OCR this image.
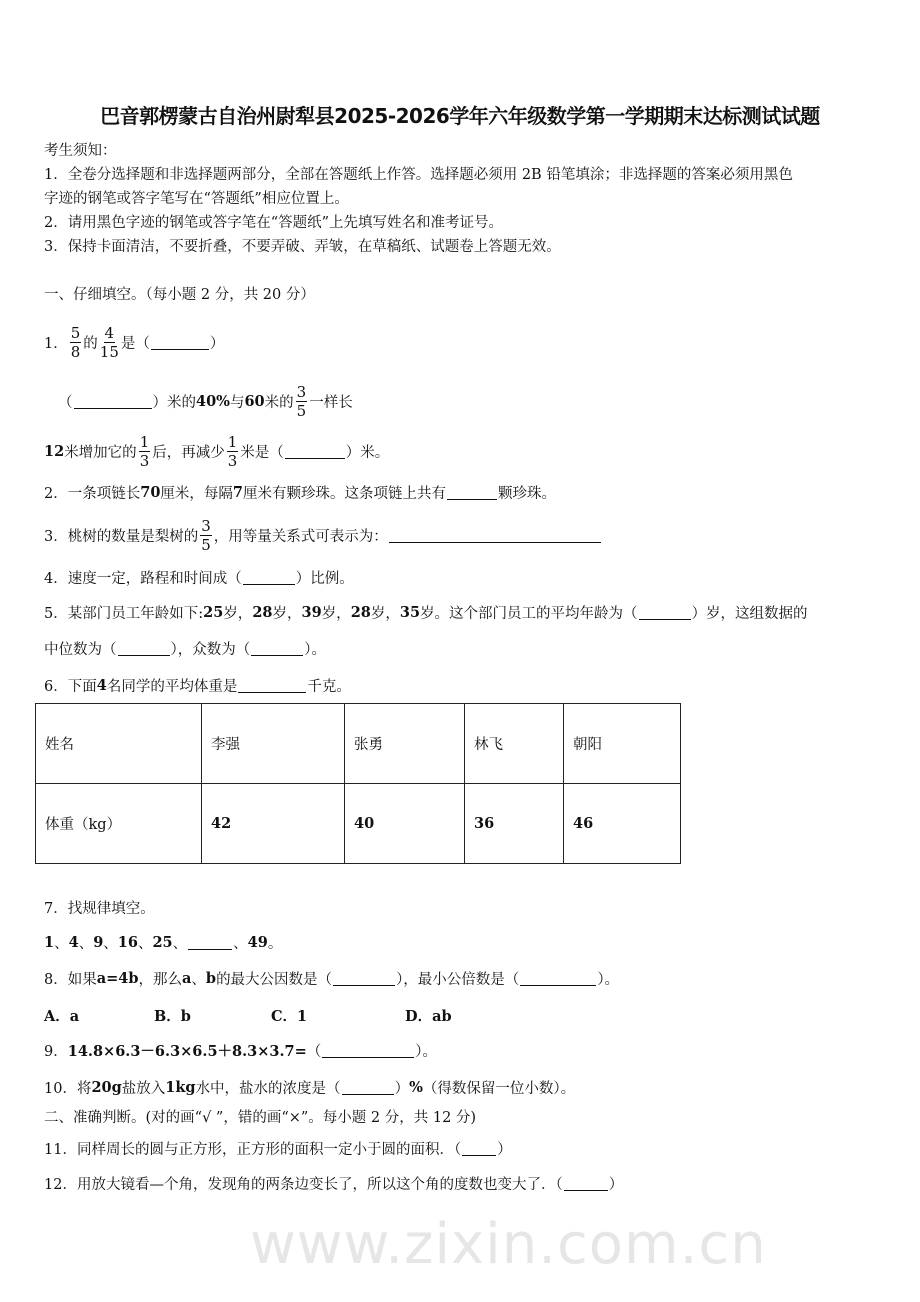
巴音郭楞蒙古自治州尉犁县2025-2026学年六年级数学第一学期期末达标测试试题
www.zixin.com.cn
考生须知：
1．全卷分选择题和非选择题两部分，全部在答题纸上作答。选择题必须用 2B 铅笔填涂；非选择题的答案必须用黑色
字迹的钢笔或答字笔写在“答题纸”相应位置上。
2．请用黑色字迹的钢笔或答字笔在“答题纸”上先填写姓名和准考证号。
3．保持卡面清洁，不要折叠，不要弄破、弄皱，在草稿纸、试题卷上答题无效。
一、仔细填空。（每小题 2 分，共 20 分）
1． $\frac{5}{8}$ 的 $\frac{4}{15}$ 是（	）
（	）米的 40% 与 60 米的 $\frac{3}{5}$ 一样长
12 米增加它的 $\frac{1}{3}$ 后，再减少 $\frac{1}{3}$ 米是（	）米。
2．一条项链长 70 厘米，每隔 7 厘米有颗珍珠。这条项链上共有	颗珍珠。
3．桃树的数量是梨树的 $\frac{3}{5}$ ，用等量关系式可表示为：
4．速度一定，路程和时间成（	）比例。
5．某部门员工年龄如下: 25 岁， 28 岁， 39 岁， 28 岁， 35 岁。这个部门员工的平均年龄为（	）岁，这组数据的
中位数为（	），众数为（	）。
6．下面 4 名同学的平均体重是	千克。
7．找规律填空。
1 、 4 、 9 、 16 、 25 、	、 49 。
8．如果 a=4b ，那么 a 、 b 的最大公因数是（	），最小公倍数是（	）。
A．a	B．b	C．1	D．ab
9． 14.8×6.3－6.3×6.5＋8.3×3.7= （	）。
10．将 20g 盐放入 1kg 水中，盐水的浓度是（	） % （得数保留一位小数）。
二、准确判断。(对的画“√ ”，错的画“×”。每小题 2 分，共 12 分)
11．同样周长的圆与正方形，正方形的面积一定小于圆的面积．（ ）
12．用放大镜看—个角，发现角的两条边变长了，所以这个角的度数也变大了．（	）
姓名	李强	张勇	林飞	朝阳
体重（kg）	42	40	36	46
